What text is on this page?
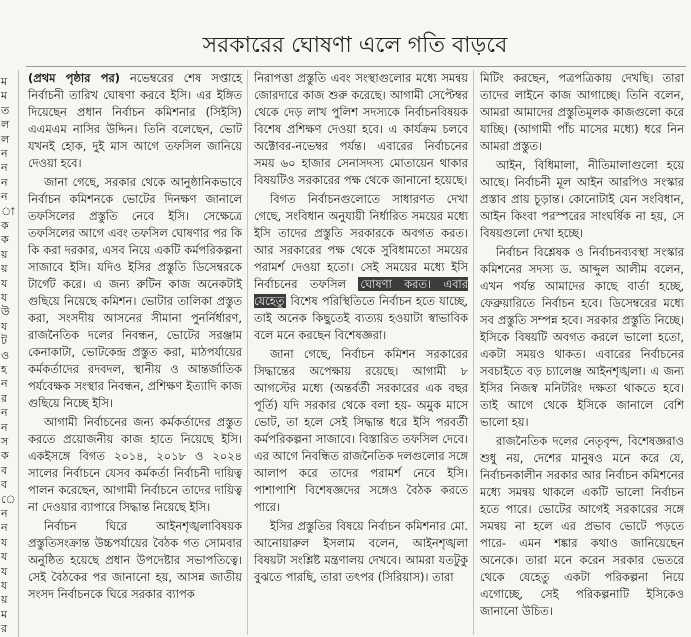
ম
ম
ত
ল
ল
ন
ন
ন
ন
া
ক
ক
য়
য়
য
য
উ
য
ট
ও
হ
ন
র
ন
ন
স
ক
ব
ব
ে
ন
ন
য
য
য
য
য়
ম
র
সরকারের ঘোষণা এলে গতি বাড়বে

(প্রথম পৃষ্ঠার পর) নভেম্বরের শেষ সপ্তাহে নির্বাচনী তারিখ ঘোষণা করবে ইসি। এর ইঙ্গিত দিয়েছেন প্রধান নির্বাচন কমিশনার (সিইসি) এএমএম নাসির উদ্দিন। তিনি বলেছেন, ভোট যখনই হোক, দুই মাস আগে তফসিল জানিয়ে দেওয়া হবে।

জানা গেছে, সরকার থেকে আনুষ্ঠানিকভাবে নির্বাচন কমিশনকে ভোটের দিনক্ষণ জানালে তফসিলের প্রস্তুতি নেবে ইসি। সেক্ষেত্রে তফসিলের আগে এবং তফসিল ঘোষণার পর কি কি করা দরকার, এসব নিয়ে একটি কর্মপরিকল্পনা সাজাবে ইসি। যদিও ইসির প্রস্তুতি ডিসেম্বরকে টার্গেট করে। এ জন্য রুটিন কাজ অনেকটাই গুছিয়ে নিয়েছে কমিশন। ভোটার তালিকা প্রস্তুত করা, সংসদীয় আসনের সীমানা পুনর্নির্ধারণ, রাজনৈতিক দলের নিবন্ধন, ভোটের সরঞ্জাম কেনাকাটা, ভোটকেন্দ্র প্রস্তুত করা, মাঠপর্যায়ের কর্মকর্তাদের রদবদল, স্থানীয় ও আন্তর্জাতিক পর্যবেক্ষক সংস্থার নিবন্ধন, প্রশিক্ষণ ইত্যাদি কাজ গুছিয়ে নিচ্ছে ইসি।

আগামী নির্বাচনের জন্য কর্মকর্তাদের প্রস্তুত করতে প্রয়োজনীয় কাজ হাতে নিয়েছে ইসি। একইসঙ্গে বিগত ২০১৪, ২০১৮ ও ২০২৪ সালের নির্বাচনে যেসব কর্মকর্তা নির্বাচনী দায়িত্ব পালন করেছেন, আগামী নির্বাচনে তাদের দায়িত্ব না দেওয়ার ব্যাপারে সিদ্ধান্ত নিয়েছে ইসি।

নির্বাচন ঘিরে আইনশৃঙ্খলাবিষয়ক প্রস্তুতিসংক্রান্ত উচ্চপর্যায়ের বৈঠক গত সোমবার অনুষ্ঠিত হয়েছে প্রধান উপদেষ্টার সভাপতিত্বে। সেই বৈঠকের পর জানানো হয়, আসন্ন জাতীয় সংসদ নির্বাচনকে ঘিরে সরকার ব্যাপক

নিরাপত্তা প্রস্তুতি এবং সংস্থাগুলোর মধ্যে সমন্বয় জোরদারে কাজ শুরু করেছে। আগামী সেপ্টেম্বর থেকে দেড় লাখ পুলিশ সদস্যকে নির্বাচনবিষয়ক বিশেষ প্রশিক্ষণ দেওয়া হবে। এ কার্যক্রম চলবে অক্টোবর-নভেম্বর পর্যন্ত। এবারের নির্বাচনের সময় ৬০ হাজার সেনাসদস্য মোতায়েন থাকার বিষয়টিও সরকারের পক্ষ থেকে জানানো হয়েছে।

বিগত নির্বাচনগুলোতে সাধারণত দেখা গেছে, সংবিধান অনুযায়ী নির্ধারিত সময়ের মধ্যে ইসি তাদের প্রস্তুতি সরকারকে অবগত করত। আর সরকারের পক্ষ থেকে সুবিধামতো সময়ের পরামর্শ দেওয়া হতো। সেই সময়ের মধ্যে ইসি নির্বাচনের তফসিল ঘোষণা করত। এবার যেহেতু বিশেষ পরিস্থিতিতে নির্বাচন হতে যাচ্ছে, তাই অনেক কিছুতেই ব্যত্যয় হওয়াটা স্বাভাবিক বলে মনে করছেন বিশেষজ্ঞরা।

জানা গেছে, নির্বাচন কমিশন সরকারের সিদ্ধান্তের অপেক্ষায় রয়েছে। আগামী ৮ আগস্টের মধ্যে (অন্তর্বর্তী সরকারের এক বছর পূর্তি) যদি সরকার থেকে বলা হয়- অমুক মাসে ভোট, তা হলে সেই সিদ্ধান্ত ধরে ইসি পরবর্তী কর্মপরিকল্পনা সাজাবে। বিস্তারিত তফসিল দেবে। এর আগে নিবন্ধিত রাজনৈতিক দলগুলোর সঙ্গে আলাপ করে তাদের পরামর্শ নেবে ইসি। পাশাপাশি বিশেষজ্ঞদের সঙ্গেও বৈঠক করতে পারে।

ইসির প্রস্তুতির বিষয়ে নির্বাচন কমিশনার মো. আনোয়ারুল ইসলাম বলেন, আইনশৃঙ্খলা বিষয়টা সংশ্লিষ্ট মন্ত্রণালয় দেখবে। আমরা যতটুকু বুঝতে পারছি, তারা তৎপর (সিরিয়াস)। তারা

মিটিং করছেন, পত্রপত্রিকায় দেখছি। তারা তাদের লাইনে কাজ আগাচ্ছে। তিনি বলেন, আমরা আমাদের প্রস্তুতিমূলক কাজগুলো করে যাচ্ছি। (আগামী পাঁচ মাসের মধ্যে) ধরে নিন আমরা প্রস্তুত।

আইন, বিধিমালা, নীতিমালাগুলো হয়ে আছে। নির্বাচনী মূল আইন আরপিও সংস্কার প্রস্তাব প্রায় চূড়ান্ত। কোনোটাই যেন সংবিধান, আইন কিংবা পরস্পরের সাংঘর্ষিক না হয়, সে বিষয়গুলো দেখা হচ্ছে।

নির্বাচন বিশ্লেষক ও নির্বাচনব্যবস্থা সংস্কার কমিশনের সদস্য ড. আব্দুল আলীম বলেন, এখন পর্যন্ত আমাদের কাছে বার্তা হচ্ছে, ফেব্রুয়ারিতে নির্বাচন হবে। ডিসেম্বরের মধ্যে সব প্রস্তুতি সম্পন্ন হবে। সরকার প্রস্তুতি নিচ্ছে। ইসিকে বিষয়টি অবগত করলে ভালো হতো, একটা সময়ও থাকত। এবারের নির্বাচনের সবচাইতে বড় চ্যালেঞ্জ আইনশৃঙ্খলা। এ জন্য ইসির নিজস্ব মনিটরিং দক্ষতা থাকতে হবে। তাই আগে থেকে ইসিকে জানালে বেশি ভালো হয়।

রাজনৈতিক দলের নেতৃবৃন্দ, বিশেষজ্ঞরাও শুধু নয়, দেশের মানুষও মনে করে যে, নির্বাচনকালীন সরকার আর নির্বাচন কমিশনের মধ্যে সমন্বয় থাকলে একটি ভালো নির্বাচন হতে পারে। ভোটের আগেই সরকারের সঙ্গে সমন্বয় না হলে এর প্রভাব ভোটে পড়তে পারে- এমন শঙ্কার কথাও জানিয়েছেন অনেকে। তারা মনে করেন সরকার ভেতরে থেকে যেহেতু একটা পরিকল্পনা নিয়ে এগোচ্ছে, সেই পরিকল্পনাটি ইসিকেও জানানো উচিত।
